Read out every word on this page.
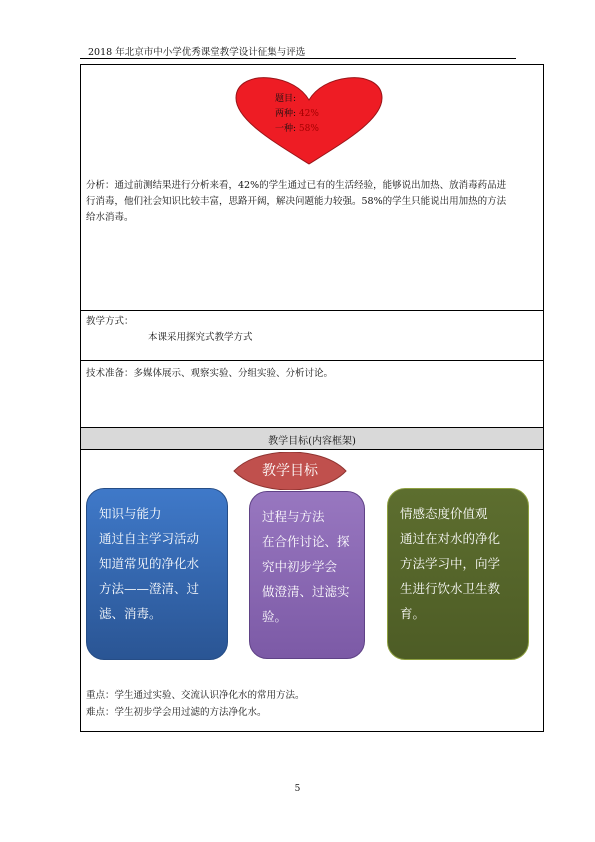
2018 年北京市中小学优秀课堂教学设计征集与评选
题目:
两种: 42%
一种: 58%
分析：通过前测结果进行分析来看，42%的学生通过已有的生活经验，能够说出加热、放消毒药品进
行消毒，他们社会知识比较丰富，思路开阔，解决问题能力较强。58%的学生只能说出用加热的方法
给水消毒。
教学方式：
本课采用探究式教学方式
技术准备：多媒体展示、观察实验、分组实验、分析讨论。
教学目标(内容框架)
教学目标
知识与能力
通过自主学习活动
知道常见的净化水
方法——澄清、过
滤、消毒。
过程与方法
在合作讨论、探
究中初步学会
做澄清、过滤实
验。
情感态度价值观
通过在对水的净化
方法学习中，向学
生进行饮水卫生教
育。
重点：学生通过实验、交流认识净化水的常用方法。
难点：学生初步学会用过滤的方法净化水。
5
